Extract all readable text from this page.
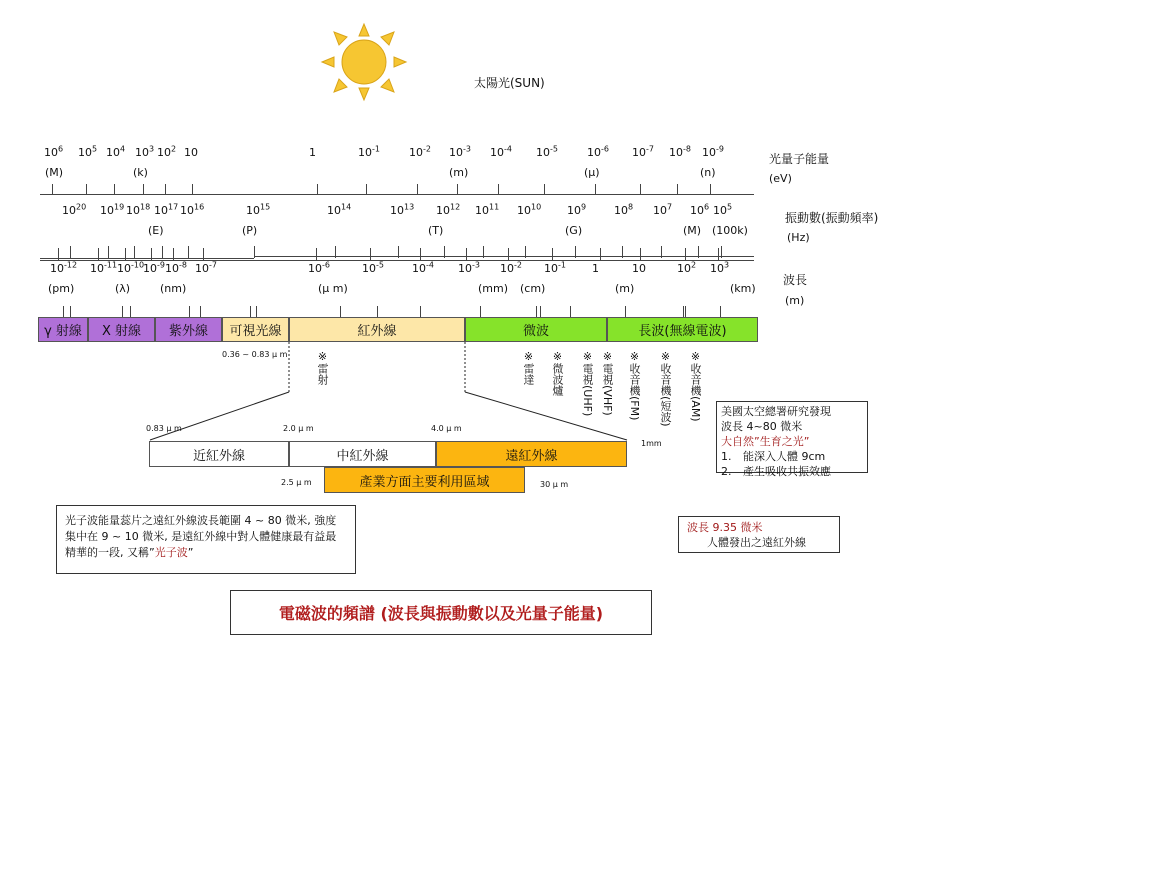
太陽光(SUN)
$10^6$ $10^5$ $10^4$ $10^3$ $10^2$ 10	1	$10^{-1}$	$10^{-2}$ $10^{-3}$ $10^{-4}$ $10^{-5}$	$10^{-6}$ $10^{-7}$ $10^{-8}$ $10^{-9}$
(M)	(k)	(m)	(μ)	(n)
$10^{20}$ $10^{19}$ $10^{18}$ $10^{17}$ $10^{16}$	$10^{15}$	$10^{14}$	$10^{13}$ $10^{12}$ $10^{11}$ $10^{10}$ $10^9$	$10^8$ $10^7$ $10^6$ $10^5$
(E)	(P)	(T)	(G)	(M) (100k)
$10^{-12}$ $10^{-11}$ $10^{-10}$
$10^{-9}$ $10^{-8}$ $10^{-7}$	$10^{-6}$	$10^{-5}$	$10^{-4}$ $10^{-3}$ $10^{-2}$ $10^{-1}$ 1	10	$10^2$ $10^3$
(pm)	(λ)	(nm)	(μ m)	(mm) (cm)	(m)	(km)
光量子能量
(eV)
振動數(振動頻率)
(Hz)
波長
(m)
γ 射線 X 射線 紫外線 可視光線	紅外線	微波	長波(無線電波)
0.36 ~ 0.83 μ m	※雷射	※雷達 ※微波爐 ※電視(UHF) ※電視(VHF) ※收音機(FM) ※收音機(短波) ※收音機(AM)
0.83 μ m	2.0 μ m	4.0 μ m
1mm
近紅外線	中紅外線	遠紅外線
產業方面主要利用區域
2.5 μ m	30 μ m
美國太空總署研究發現
波長 4~80 微米
大自然”生育之光”
1.	能深入人體 9cm
2.	產生吸收共振效應
光子波能量蕊片之遠紅外線波長範圍 4 ~ 80 微米, 強度集中在 9 ~ 10 微米, 是遠紅外線中對人體健康最有益最精華的一段, 又稱”光子波”
波長 9.35 微米
人體發出之遠紅外線
電磁波的頻譜 (波長與振動數以及光量子能量)
